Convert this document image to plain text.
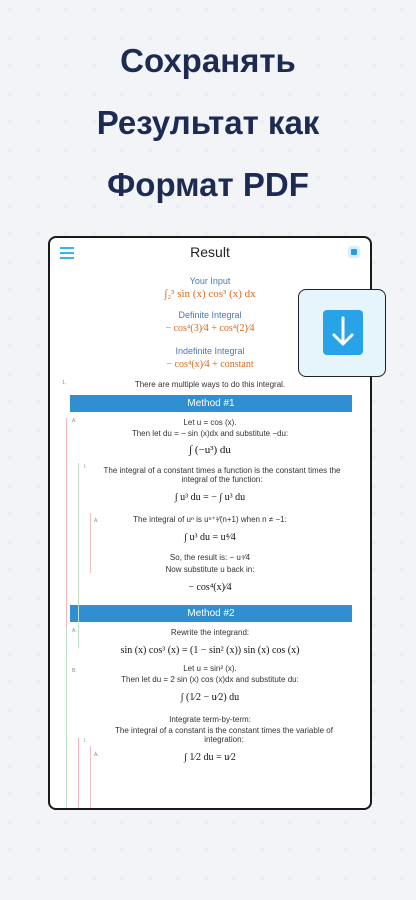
Сохранять
Результат как
Формат PDF
Result
Your Input
∫₂³ sin (x) cos³ (x) dx
Definite Integral
− cos⁴(3)⁄4 + cos⁴(2)⁄4
Indefinite Integral
− cos⁴(x)⁄4 + constant
1.	There are multiple ways to do this integral.
Method #1
A.	Let u = cos (x).
Then let du = − sin (x)dx and substitute −du:
∫ (−u³) du
I.	The integral of a constant times a function is the constant times the integral of the function:
∫ u³ du = − ∫ u³ du
A.	The integral of uⁿ is uⁿ⁺¹⁄(n+1) when n ≠ −1:
∫ u³ du = u⁴⁄4
So, the result is: − u⁴⁄4
Now substitute u back in:
− cos⁴(x)⁄4
Method #2
A.	Rewrite the integrand:
sin (x) cos³ (x) = (1 − sin² (x)) sin (x) cos (x)
B.	Let u = sin² (x).
Then let du = 2 sin (x) cos (x)dx and substitute du:
∫ (1⁄2 − u⁄2) du
I.
Integrate term-by-term:
A.
The integral of a constant is the constant times the variable of integration:
∫ 1⁄2 du = u⁄2
